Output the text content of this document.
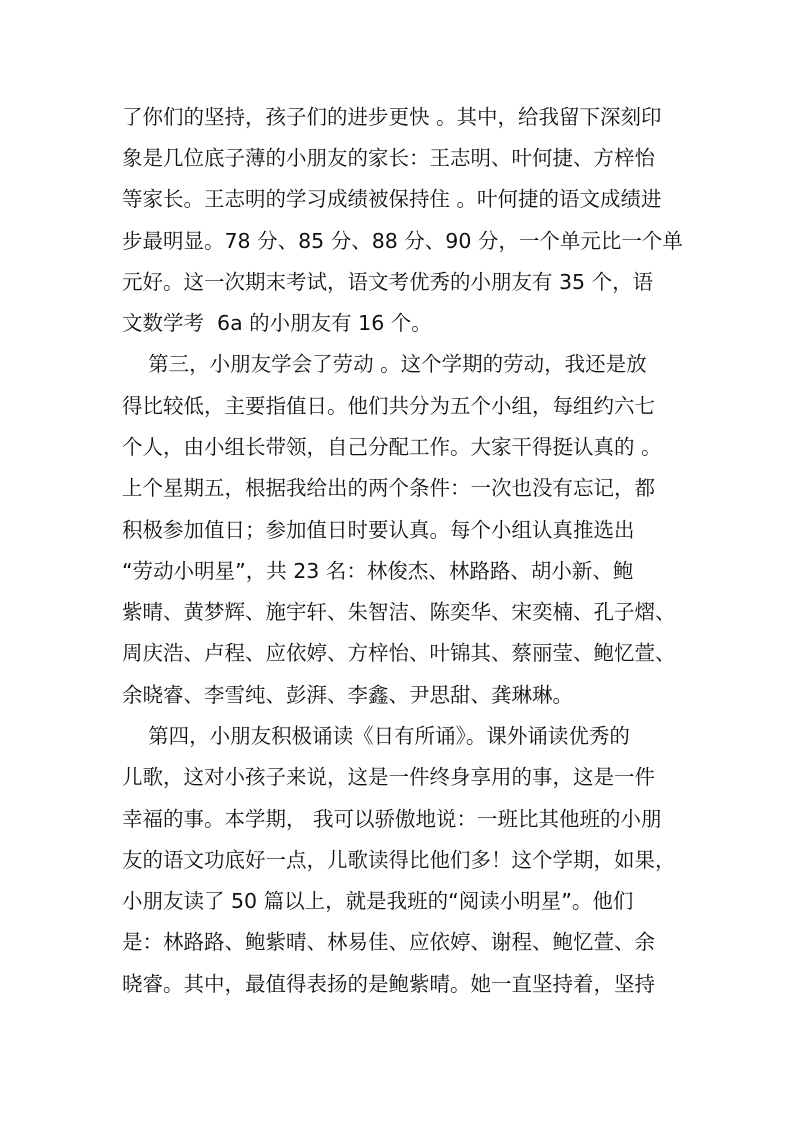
了你们的坚持，孩子们的进步更快 。其中，给我留下深刻印
象是几位底子薄的小朋友的家长：王志明、叶何捷、方梓怡
等家长。王志明的学习成绩被保持住 。叶何捷的语文成绩进
步最明显。78 分、85 分、88 分、90 分，一个单元比一个单
元好。这一次期末考试，语文考优秀的小朋友有 35 个，语
文数学考  6a 的小朋友有 16 个。
第三，小朋友学会了劳动 。这个学期的劳动，我还是放
得比较低，主要指值日。他们共分为五个小组，每组约六七
个人，由小组长带领，自己分配工作。大家干得挺认真的 。
上个星期五，根据我给出的两个条件：一次也没有忘记，都
积极参加值日；参加值日时要认真。每个小组认真推选出
“劳动小明星”，共 23 名：林俊杰、林路路、胡小新、鲍
紫晴、黄梦辉、施宇轩、朱智洁、陈奕华、宋奕楠、孔子熠、
周庆浩、卢程、应依婷、方梓怡、叶锦其、蔡丽莹、鲍忆萱、
余晓睿、李雪纯、彭湃、李鑫、尹思甜、龚琳琳。
第四，小朋友积极诵读《日有所诵》。课外诵读优秀的
儿歌，这对小孩子来说，这是一件终身享用的事，这是一件
幸福的事。本学期， 我可以骄傲地说：一班比其他班的小朋
友的语文功底好一点，儿歌读得比他们多！这个学期，如果，
小朋友读了 50 篇以上，就是我班的“阅读小明星”。他们
是：林路路、鲍紫晴、林易佳、应依婷、谢程、鲍忆萱、余
晓睿。其中，最值得表扬的是鲍紫晴。她一直坚持着，坚持
